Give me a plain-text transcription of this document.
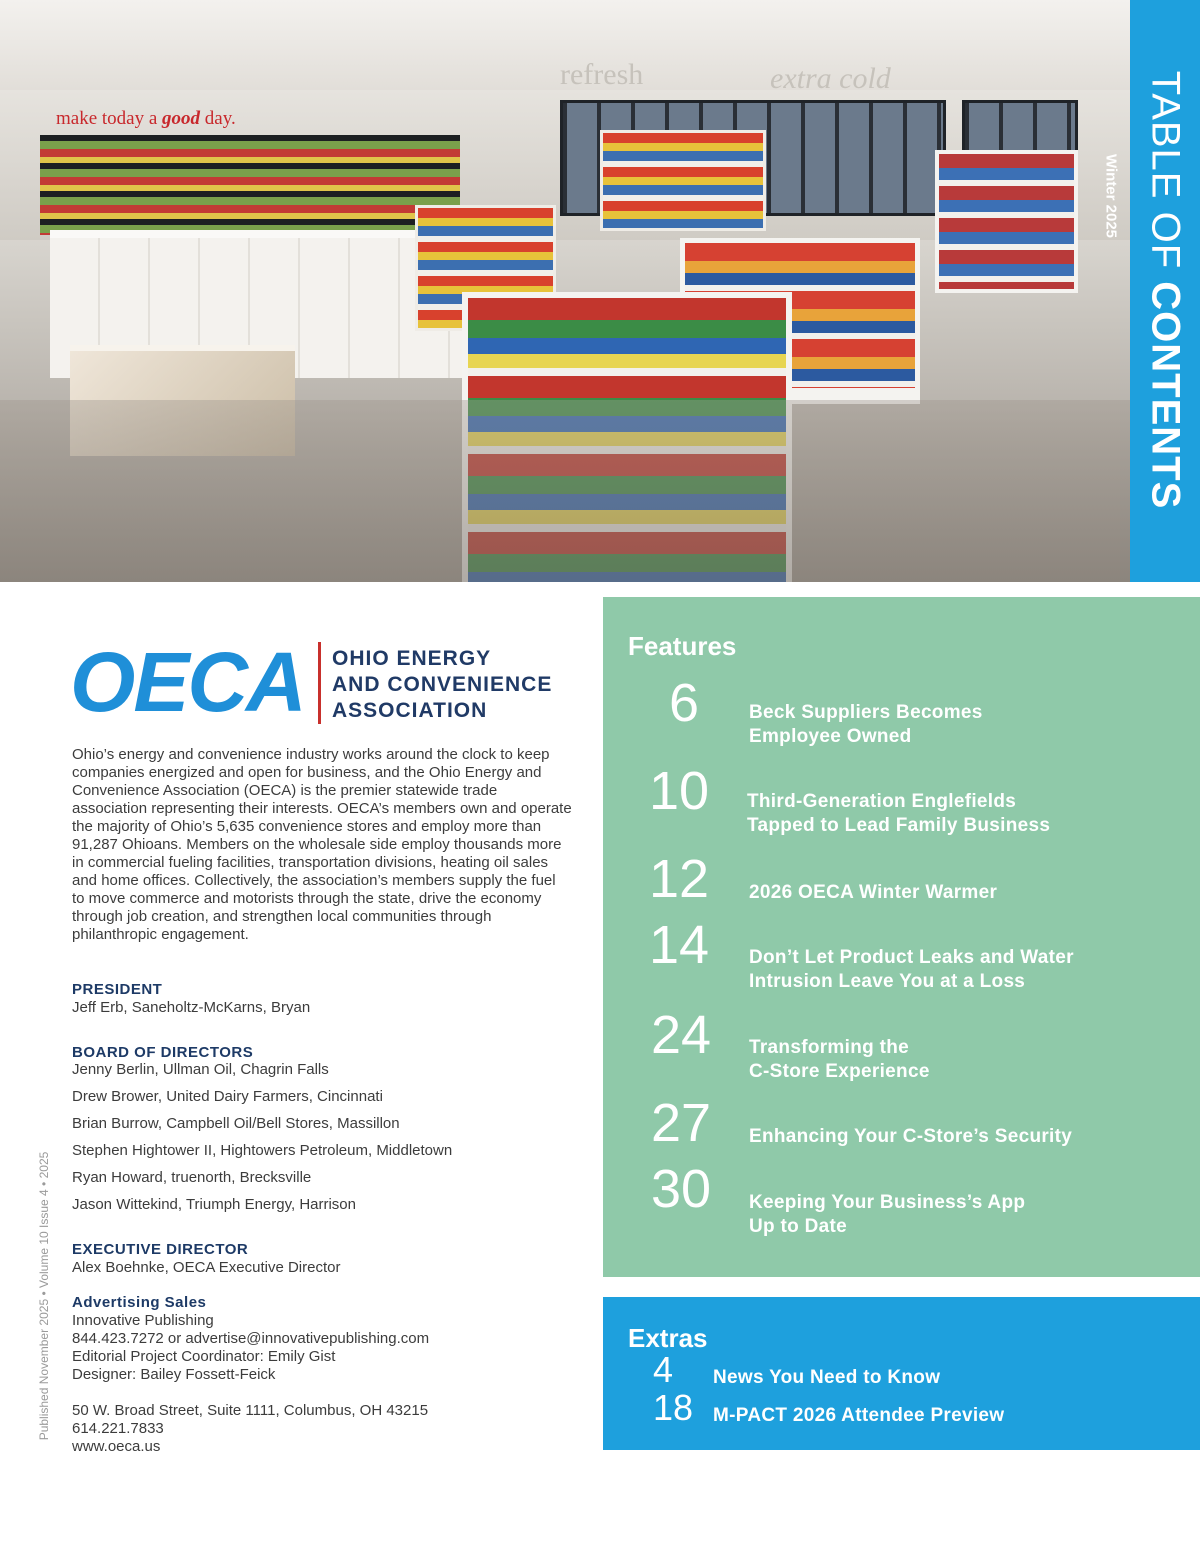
make today a good day.
refresh	extra cold	TABLE OF CONTENTS
Winter 2025
OECA OHIO ENERGY
AND CONVENIENCE
ASSOCIATION
Ohio’s energy and convenience industry works around the clock to keep companies energized and open for business, and the Ohio Energy and Convenience Association (OECA) is the premier statewide trade association representing their interests. OECA’s members own and operate the majority of Ohio’s 5,635 convenience stores and employ more than 91,287 Ohioans. Members on the wholesale side employ thousands more in commercial fueling facilities, transportation divisions, heating oil sales and home offices. Collectively, the association’s members supply the fuel to move commerce and motorists through the state, drive the economy through job creation, and strengthen local communities through philanthropic engagement.
PRESIDENT
Jeff Erb, Saneholtz-McKarns, Bryan
BOARD OF DIRECTORS
Jenny Berlin, Ullman Oil, Chagrin Falls
Drew Brower, United Dairy Farmers, Cincinnati
Brian Burrow, Campbell Oil/Bell Stores, Massillon
Stephen Hightower II, Hightowers Petroleum, Middletown
Ryan Howard, truenorth, Brecksville
Jason Wittekind, Triumph Energy, Harrison
EXECUTIVE DIRECTOR
Alex Boehnke, OECA Executive Director
Advertising Sales
Innovative Publishing
844.423.7272 or advertise@innovativepublishing.com
Editorial Project Coordinator: Emily Gist
Designer: Bailey Fossett-Feick
50 W. Broad Street, Suite 1111, Columbus, OH 43215
614.221.7833
www.oeca.us
Published November 2025 • Volume 10 Issue 4 • 2025
Features
6	Beck Suppliers Becomes
Employee Owned
10 Third-Generation Englefields
Tapped to Lead Family Business
12 2026 OECA Winter Warmer
14 Don’t Let Product Leaks and Water
Intrusion Leave You at a Loss
24 Transforming the
C-Store Experience
27 Enhancing Your C-Store’s Security
30 Keeping Your Business’s App
Up to Date
Extras
4 News You Need to Know
18 M-PACT 2026 Attendee Preview
